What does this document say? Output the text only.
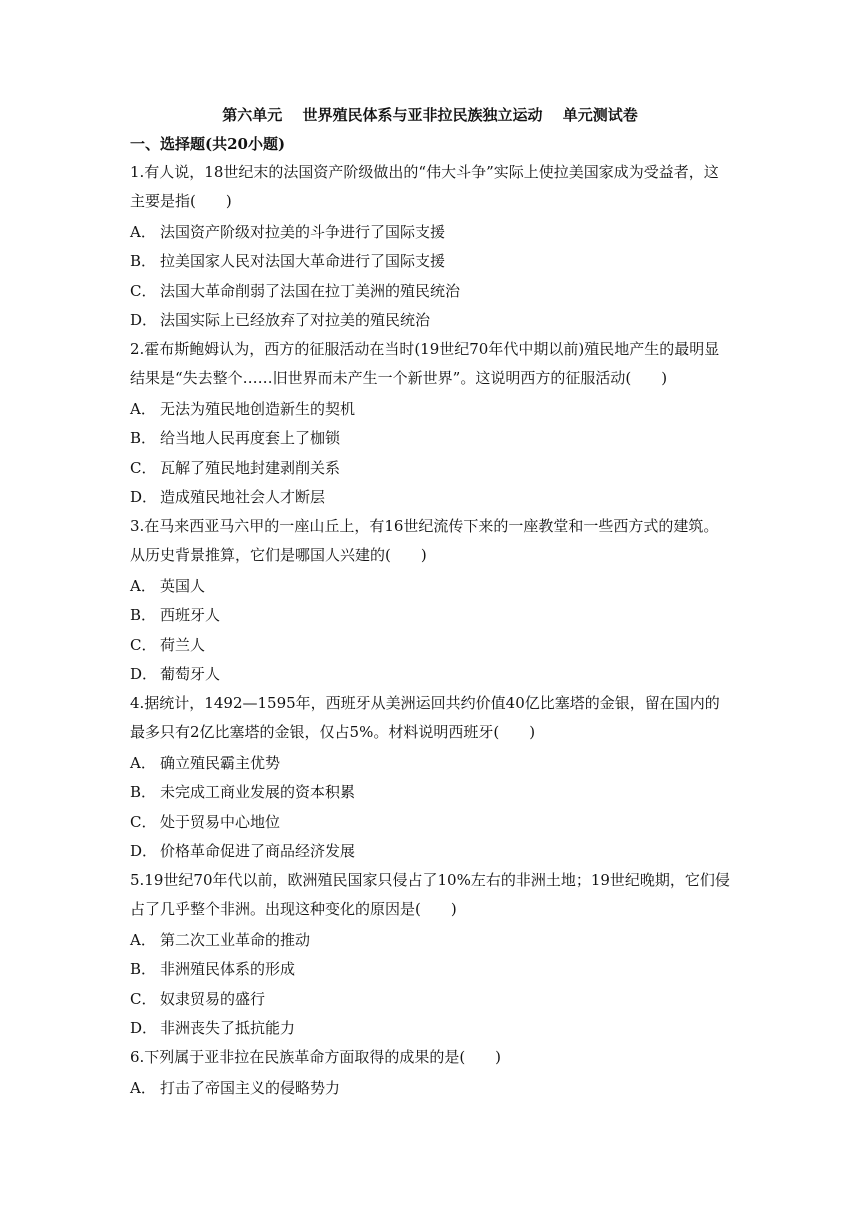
第六单元　 世界殖民体系与亚非拉民族独立运动　 单元测试卷
一、选择题(共20小题)

1.有人说，18世纪末的法国资产阶级做出的“伟大斗争”实际上使拉美国家成为受益者，这主要是指(　　)

A． 法国资产阶级对拉美的斗争进行了国际支援
B． 拉美国家人民对法国大革命进行了国际支援
C． 法国大革命削弱了法国在拉丁美洲的殖民统治
D． 法国实际上已经放弃了对拉美的殖民统治

2.霍布斯鲍姆认为，西方的征服活动在当时(19世纪70年代中期以前)殖民地产生的最明显结果是“失去整个……旧世界而未产生一个新世界”。这说明西方的征服活动(　　)

A． 无法为殖民地创造新生的契机
B． 给当地人民再度套上了枷锁
C． 瓦解了殖民地封建剥削关系
D． 造成殖民地社会人才断层

3.在马来西亚马六甲的一座山丘上，有16世纪流传下来的一座教堂和一些西方式的建筑。从历史背景推算，它们是哪国人兴建的(　　)

A． 英国人
B． 西班牙人
C． 荷兰人
D． 葡萄牙人

4.据统计，1492—1595年，西班牙从美洲运回共约价值40亿比塞塔的金银，留在国内的最多只有2亿比塞塔的金银，仅占5%。材料说明西班牙(　　)

A． 确立殖民霸主优势
B． 未完成工商业发展的资本积累
C． 处于贸易中心地位
D． 价格革命促进了商品经济发展

5.19世纪70年代以前，欧洲殖民国家只侵占了10%左右的非洲土地；19世纪晚期，它们侵占了几乎整个非洲。出现这种变化的原因是(　　)

A． 第二次工业革命的推动
B． 非洲殖民体系的形成
C． 奴隶贸易的盛行
D． 非洲丧失了抵抗能力

6.下列属于亚非拉在民族革命方面取得的成果的是(　　)

A． 打击了帝国主义的侵略势力
